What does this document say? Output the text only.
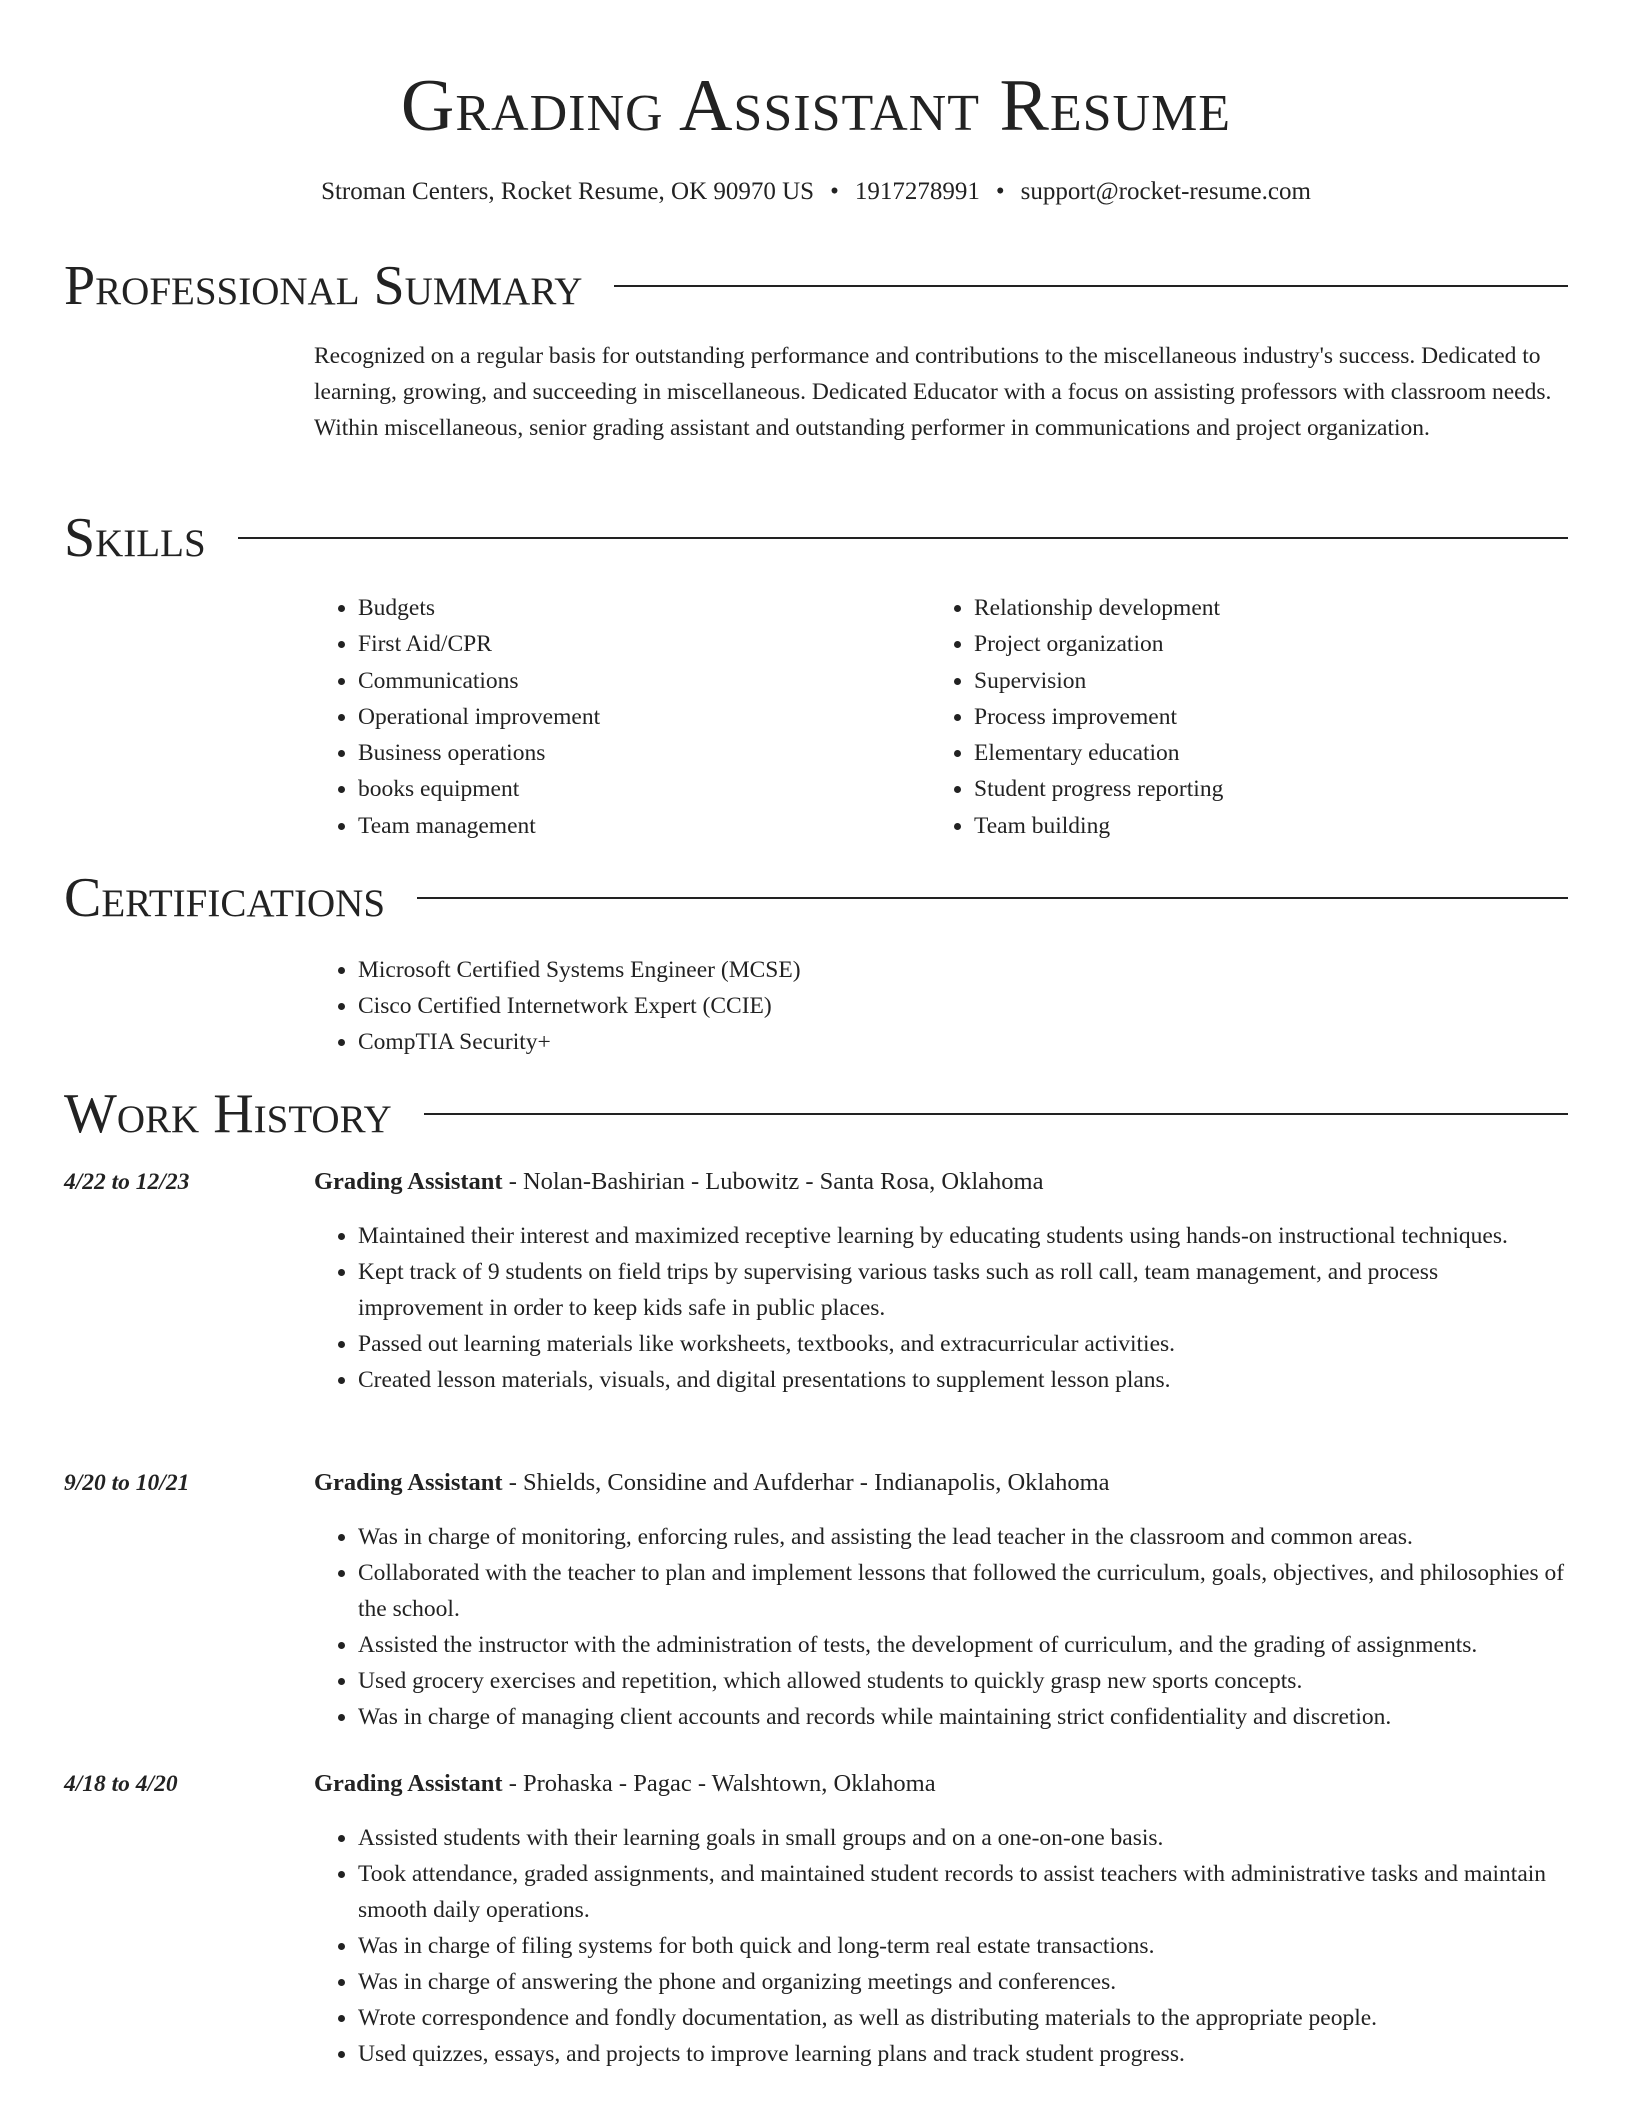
Grading Assistant Resume
Stroman Centers, Rocket Resume, OK 90970 US • 1917278991 • support@rocket-resume.com
Professional Summary

Recognized on a regular basis for outstanding performance and contributions to the miscellaneous industry's success. Dedicated to learning, growing, and succeeding in miscellaneous. Dedicated Educator with a focus on assisting professors with classroom needs. Within miscellaneous, senior grading assistant and outstanding performer in communications and project organization.

Skills
• Budgets
• First Aid/CPR
• Communications
• Operational improvement
• Business operations
• books equipment
• Team management
• Relationship development
• Project organization
• Supervision
• Process improvement
• Elementary education
• Student progress reporting
• Team building
Certifications
• Microsoft Certified Systems Engineer (MCSE)
• Cisco Certified Internetwork Expert (CCIE)
• CompTIA Security+
Work History
4/22 to 12/23	Grading Assistant - Nolan-Bashirian - Lubowitz - Santa Rosa, Oklahoma
• Maintained their interest and maximized receptive learning by educating students using hands-on instructional techniques.
• Kept track of 9 students on field trips by supervising various tasks such as roll call, team management, and process improvement in order to keep kids safe in public places.
• Passed out learning materials like worksheets, textbooks, and extracurricular activities.
• Created lesson materials, visuals, and digital presentations to supplement lesson plans.
9/20 to 10/21	Grading Assistant - Shields, Considine and Aufderhar - Indianapolis, Oklahoma
• Was in charge of monitoring, enforcing rules, and assisting the lead teacher in the classroom and common areas.
• Collaborated with the teacher to plan and implement lessons that followed the curriculum, goals, objectives, and philosophies of the school.
• Assisted the instructor with the administration of tests, the development of curriculum, and the grading of assignments.
• Used grocery exercises and repetition, which allowed students to quickly grasp new sports concepts.
• Was in charge of managing client accounts and records while maintaining strict confidentiality and discretion.
4/18 to 4/20	Grading Assistant - Prohaska - Pagac - Walshtown, Oklahoma
• Assisted students with their learning goals in small groups and on a one-on-one basis.
• Took attendance, graded assignments, and maintained student records to assist teachers with administrative tasks and maintain smooth daily operations.
• Was in charge of filing systems for both quick and long-term real estate transactions.
• Was in charge of answering the phone and organizing meetings and conferences.
• Wrote correspondence and fondly documentation, as well as distributing materials to the appropriate people.
• Used quizzes, essays, and projects to improve learning plans and track student progress.
